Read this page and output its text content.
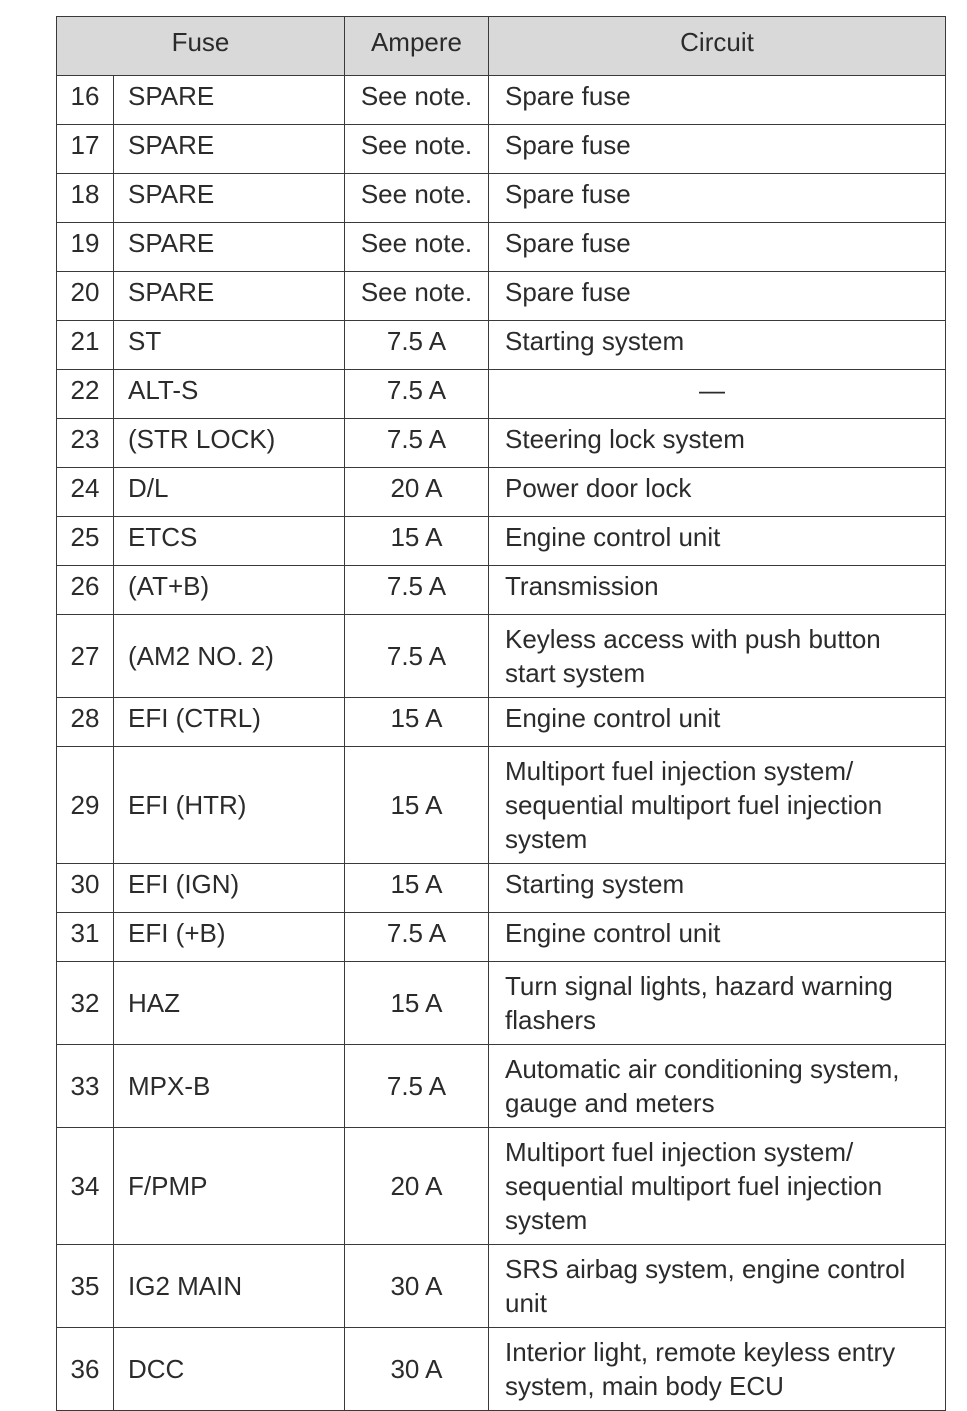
Fuse		Ampere	Circuit
16	SPARE	See note.	Spare fuse
17	SPARE	See note.	Spare fuse
18	SPARE	See note.	Spare fuse
19	SPARE	See note.	Spare fuse
20	SPARE	See note.	Spare fuse
21	ST	7.5 A	Starting system
22	ALT-S	7.5 A	—
23	(STR LOCK)	7.5 A	Steering lock system
24	D/L	20 A	Power door lock
25	ETCS	15 A	Engine control unit
26	(AT+B)	7.5 A	Transmission
27	(AM2 NO. 2)	7.5 A	Keyless access with push button start system
28	EFI (CTRL)	15 A	Engine control unit
29	EFI (HTR)	15 A	Multiport fuel injection system/ sequential multiport fuel injection system
30	EFI (IGN)	15 A	Starting system
31	EFI (+B)	7.5 A	Engine control unit
32	HAZ	15 A	Turn signal lights, hazard warning flashers
33	MPX-B	7.5 A	Automatic air conditioning system, gauge and meters
34	F/PMP	20 A	Multiport fuel injection system/ sequential multiport fuel injection system
35	IG2 MAIN	30 A	SRS airbag system, engine control unit
36	DCC	30 A	Interior light, remote keyless entry system, main body ECU
